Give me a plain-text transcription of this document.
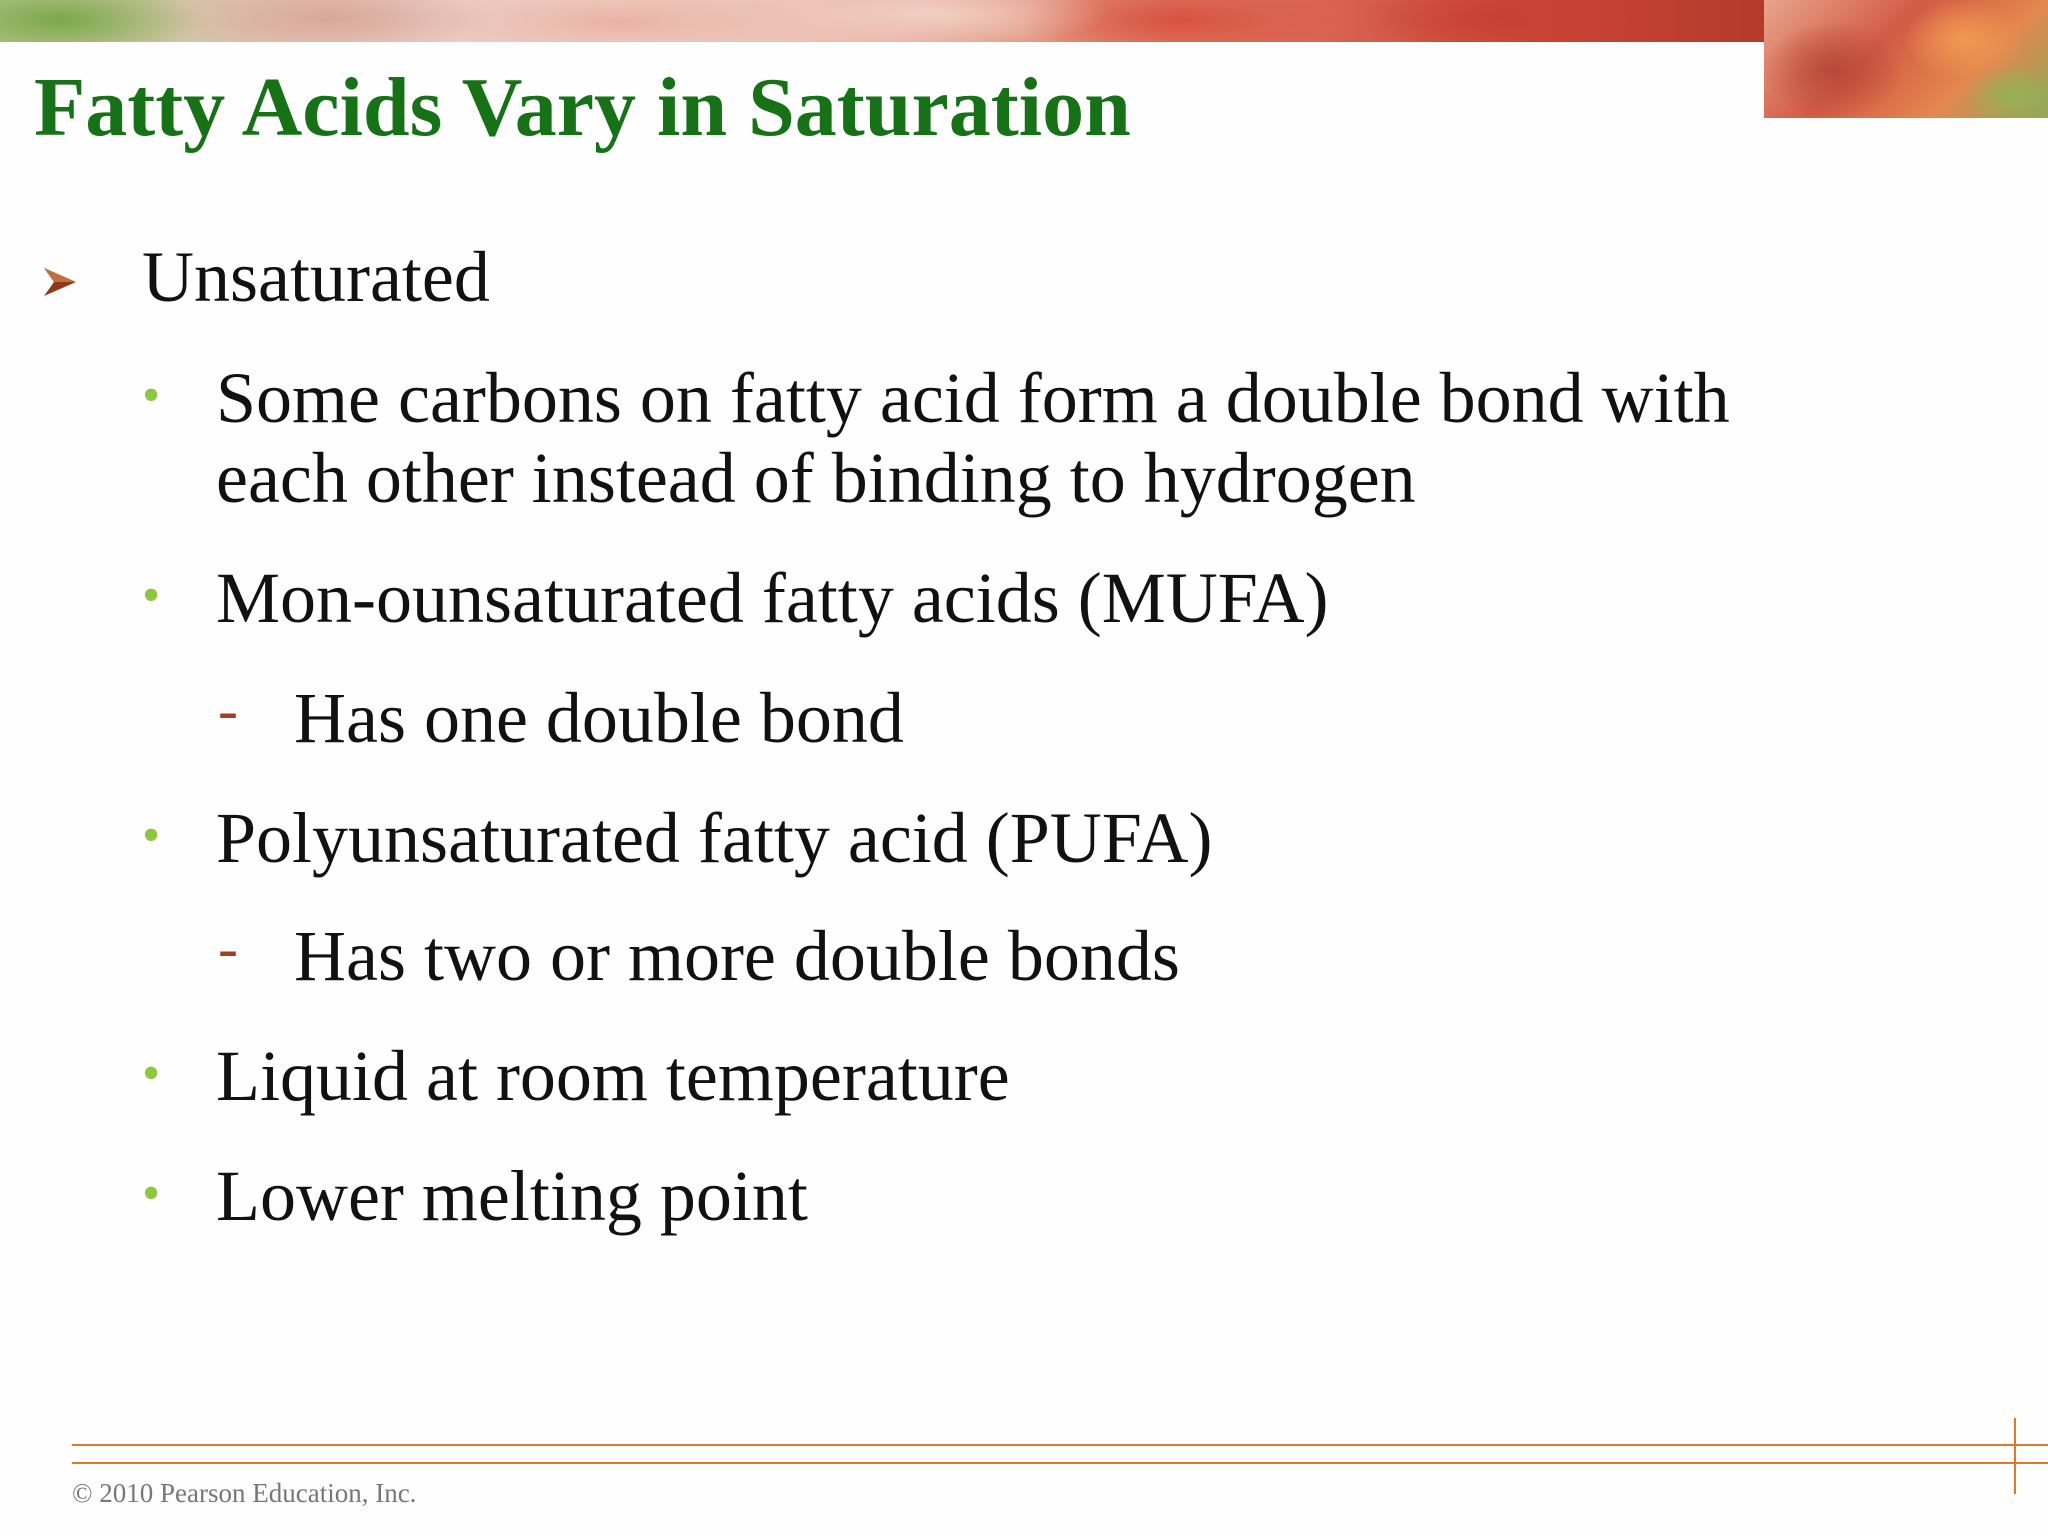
Fatty Acids Vary in Saturation
Unsaturated
• Some carbons on fatty acid form a double bond with
each other instead of binding to hydrogen
• Mon-ounsaturated fatty acids (MUFA)
- Has one double bond
• Polyunsaturated fatty acid (PUFA)
- Has two or more double bonds
• Liquid at room temperature
• Lower melting point
© 2010 Pearson Education, Inc.
